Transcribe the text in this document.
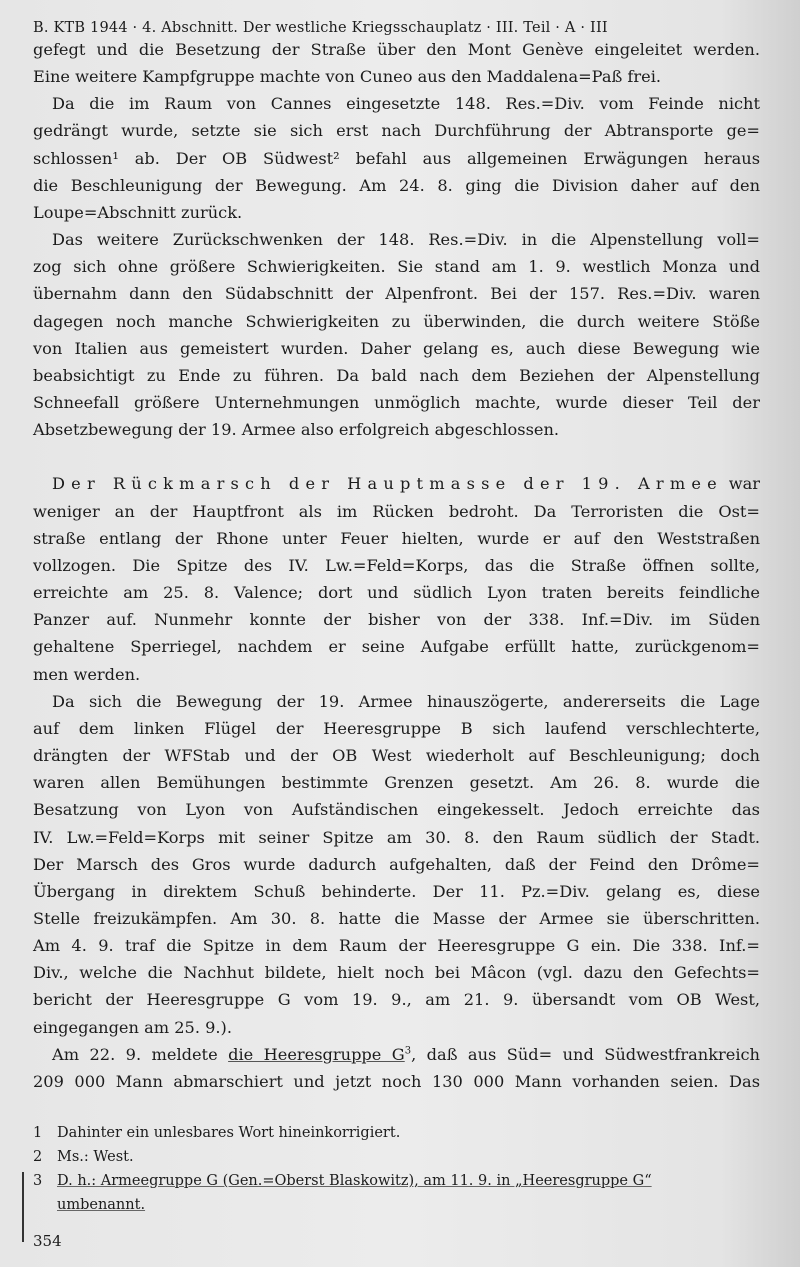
B. KTB 1944 · 4. Abschnitt. Der westliche Kriegsschauplatz · III. Teil · A · III
gefegt und die Besetzung der Straße über den Mont Genève eingeleitet werden.
Eine weitere Kampfgruppe machte von Cuneo aus den Maddalena=Paß frei.
Da die im Raum von Cannes eingesetzte 148. Res.=Div. vom Feinde nicht
gedrängt wurde, setzte sie sich erst nach Durchführung der Abtransporte ge=
schlossen¹ ab. Der OB Südwest² befahl aus allgemeinen Erwägungen heraus
die Beschleunigung der Bewegung. Am 24. 8. ging die Division daher auf den
Loupe=Abschnitt zurück.
Das weitere Zurückschwenken der 148. Res.=Div. in die Alpenstellung voll=
zog sich ohne größere Schwierigkeiten. Sie stand am 1. 9. westlich Monza und
übernahm dann den Südabschnitt der Alpenfront. Bei der 157. Res.=Div. waren
dagegen noch manche Schwierigkeiten zu überwinden, die durch weitere Stöße
von Italien aus gemeistert wurden. Daher gelang es, auch diese Bewegung wie
beabsichtigt zu Ende zu führen. Da bald nach dem Beziehen der Alpenstellung
Schneefall größere Unternehmungen unmöglich machte, wurde dieser Teil der
Absetzbewegung der 19. Armee also erfolgreich abgeschlossen.
Der Rückmarsch der Hauptmasse der 19. Armee war
weniger an der Hauptfront als im Rücken bedroht. Da Terroristen die Ost=
straße entlang der Rhone unter Feuer hielten, wurde er auf den Weststraßen
vollzogen. Die Spitze des IV. Lw.=Feld=Korps, das die Straße öffnen sollte,
erreichte am 25. 8. Valence; dort und südlich Lyon traten bereits feindliche
Panzer auf. Nunmehr konnte der bisher von der 338. Inf.=Div. im Süden
gehaltene Sperriegel, nachdem er seine Aufgabe erfüllt hatte, zurückgenom=
men werden.
Da sich die Bewegung der 19. Armee hinauszögerte, andererseits die Lage
auf dem linken Flügel der Heeresgruppe B sich laufend verschlechterte,
drängten der WFStab und der OB West wiederholt auf Beschleunigung; doch
waren allen Bemühungen bestimmte Grenzen gesetzt. Am 26. 8. wurde die
Besatzung von Lyon von Aufständischen eingekesselt. Jedoch erreichte das
IV. Lw.=Feld=Korps mit seiner Spitze am 30. 8. den Raum südlich der Stadt.
Der Marsch des Gros wurde dadurch aufgehalten, daß der Feind den Drôme=
Übergang in direktem Schuß behinderte. Der 11. Pz.=Div. gelang es, diese
Stelle freizukämpfen. Am 30. 8. hatte die Masse der Armee sie überschritten.
Am 4. 9. traf die Spitze in dem Raum der Heeresgruppe G ein. Die 338. Inf.=
Div., welche die Nachhut bildete, hielt noch bei Mâcon (vgl. dazu den Gefechts=
bericht der Heeresgruppe G vom 19. 9., am 21. 9. übersandt vom OB West,
eingegangen am 25. 9.).
Am 22. 9. meldete die Heeresgruppe $G^3$, daß aus Süd= und Südwestfrankreich
209 000 Mann abmarschiert und jetzt noch 130 000 Mann vorhanden seien. Das
1 Dahinter ein unlesbares Wort hineinkorrigiert.
2 Ms.: West.
3 D. h.: Armeegruppe G (Gen.=Oberst Blaskowitz), am 11. 9. in „Heeresgruppe G“
umbenannt.
354
